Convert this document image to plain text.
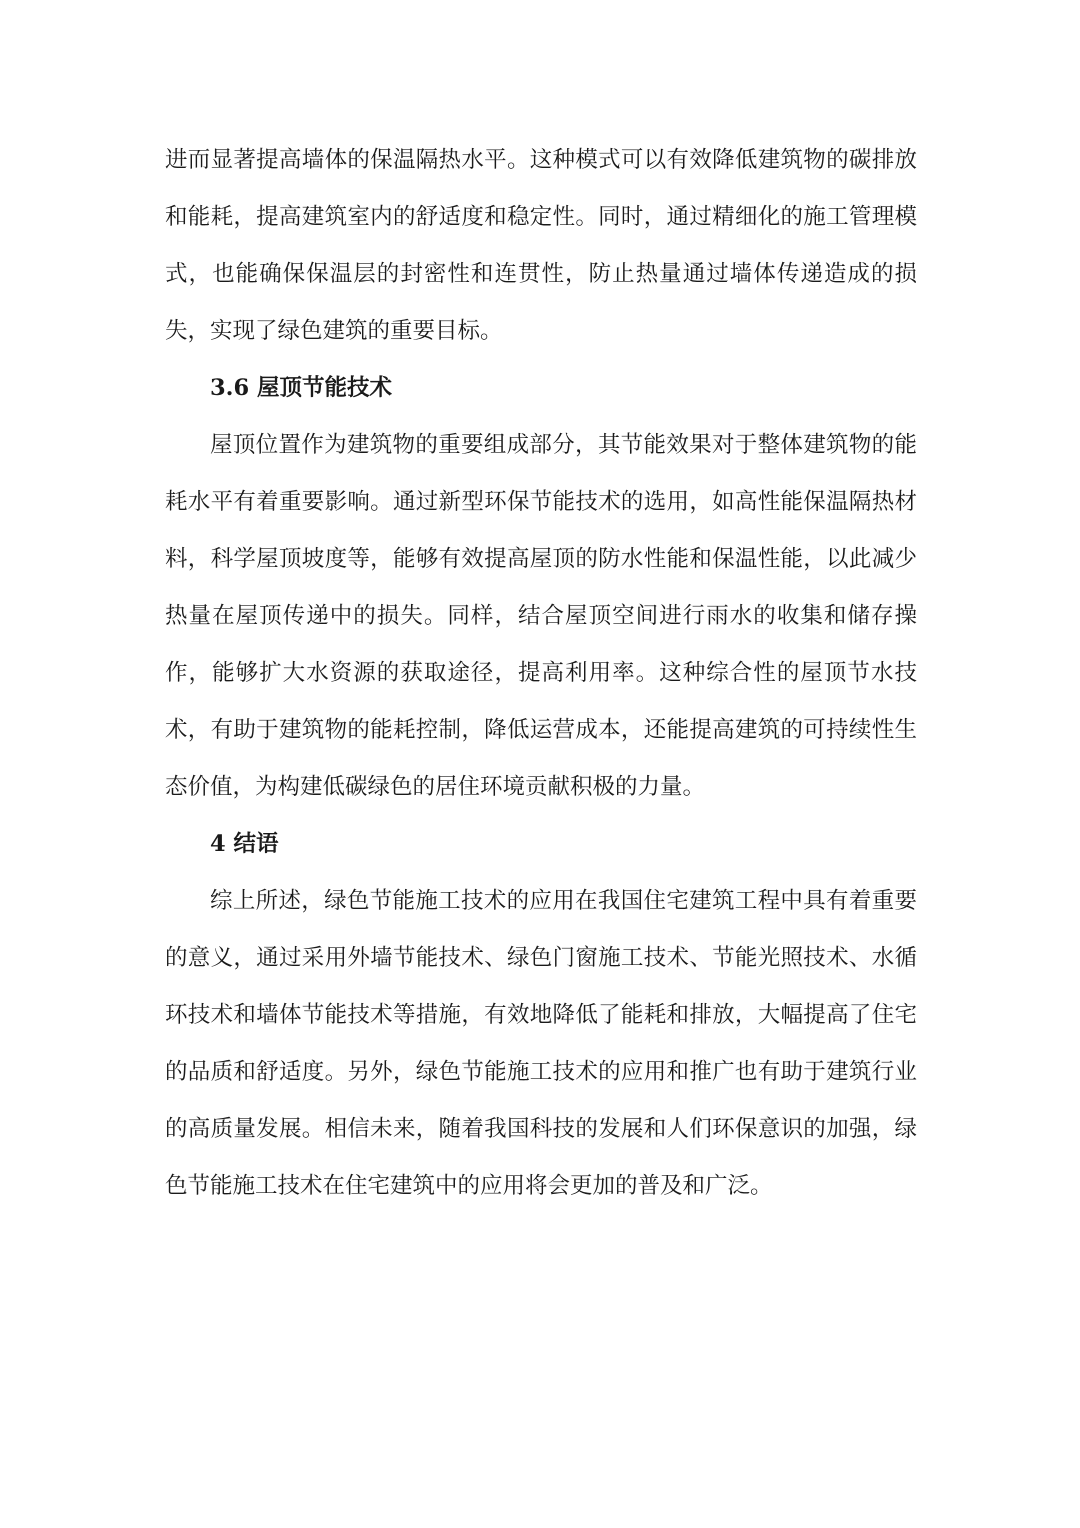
进而显著提高墙体的保温隔热水平。这种模式可以有效降低建筑物的碳排放和能耗，提高建筑室内的舒适度和稳定性。同时，通过精细化的施工管理模式，也能确保保温层的封密性和连贯性，防止热量通过墙体传递造成的损失，实现了绿色建筑的重要目标。

3.6 屋顶节能技术

屋顶位置作为建筑物的重要组成部分，其节能效果对于整体建筑物的能耗水平有着重要影响。通过新型环保节能技术的选用，如高性能保温隔热材料，科学屋顶坡度等，能够有效提高屋顶的防水性能和保温性能，以此减少热量在屋顶传递中的损失。同样，结合屋顶空间进行雨水的收集和储存操作，能够扩大水资源的获取途径，提高利用率。这种综合性的屋顶节水技术，有助于建筑物的能耗控制，降低运营成本，还能提高建筑的可持续性生态价值，为构建低碳绿色的居住环境贡献积极的力量。

4 结语

综上所述，绿色节能施工技术的应用在我国住宅建筑工程中具有着重要的意义，通过采用外墙节能技术、绿色门窗施工技术、节能光照技术、水循环技术和墙体节能技术等措施，有效地降低了能耗和排放，大幅提高了住宅的品质和舒适度。另外，绿色节能施工技术的应用和推广也有助于建筑行业的高质量发展。相信未来，随着我国科技的发展和人们环保意识的加强，绿色节能施工技术在住宅建筑中的应用将会更加的普及和广泛。
